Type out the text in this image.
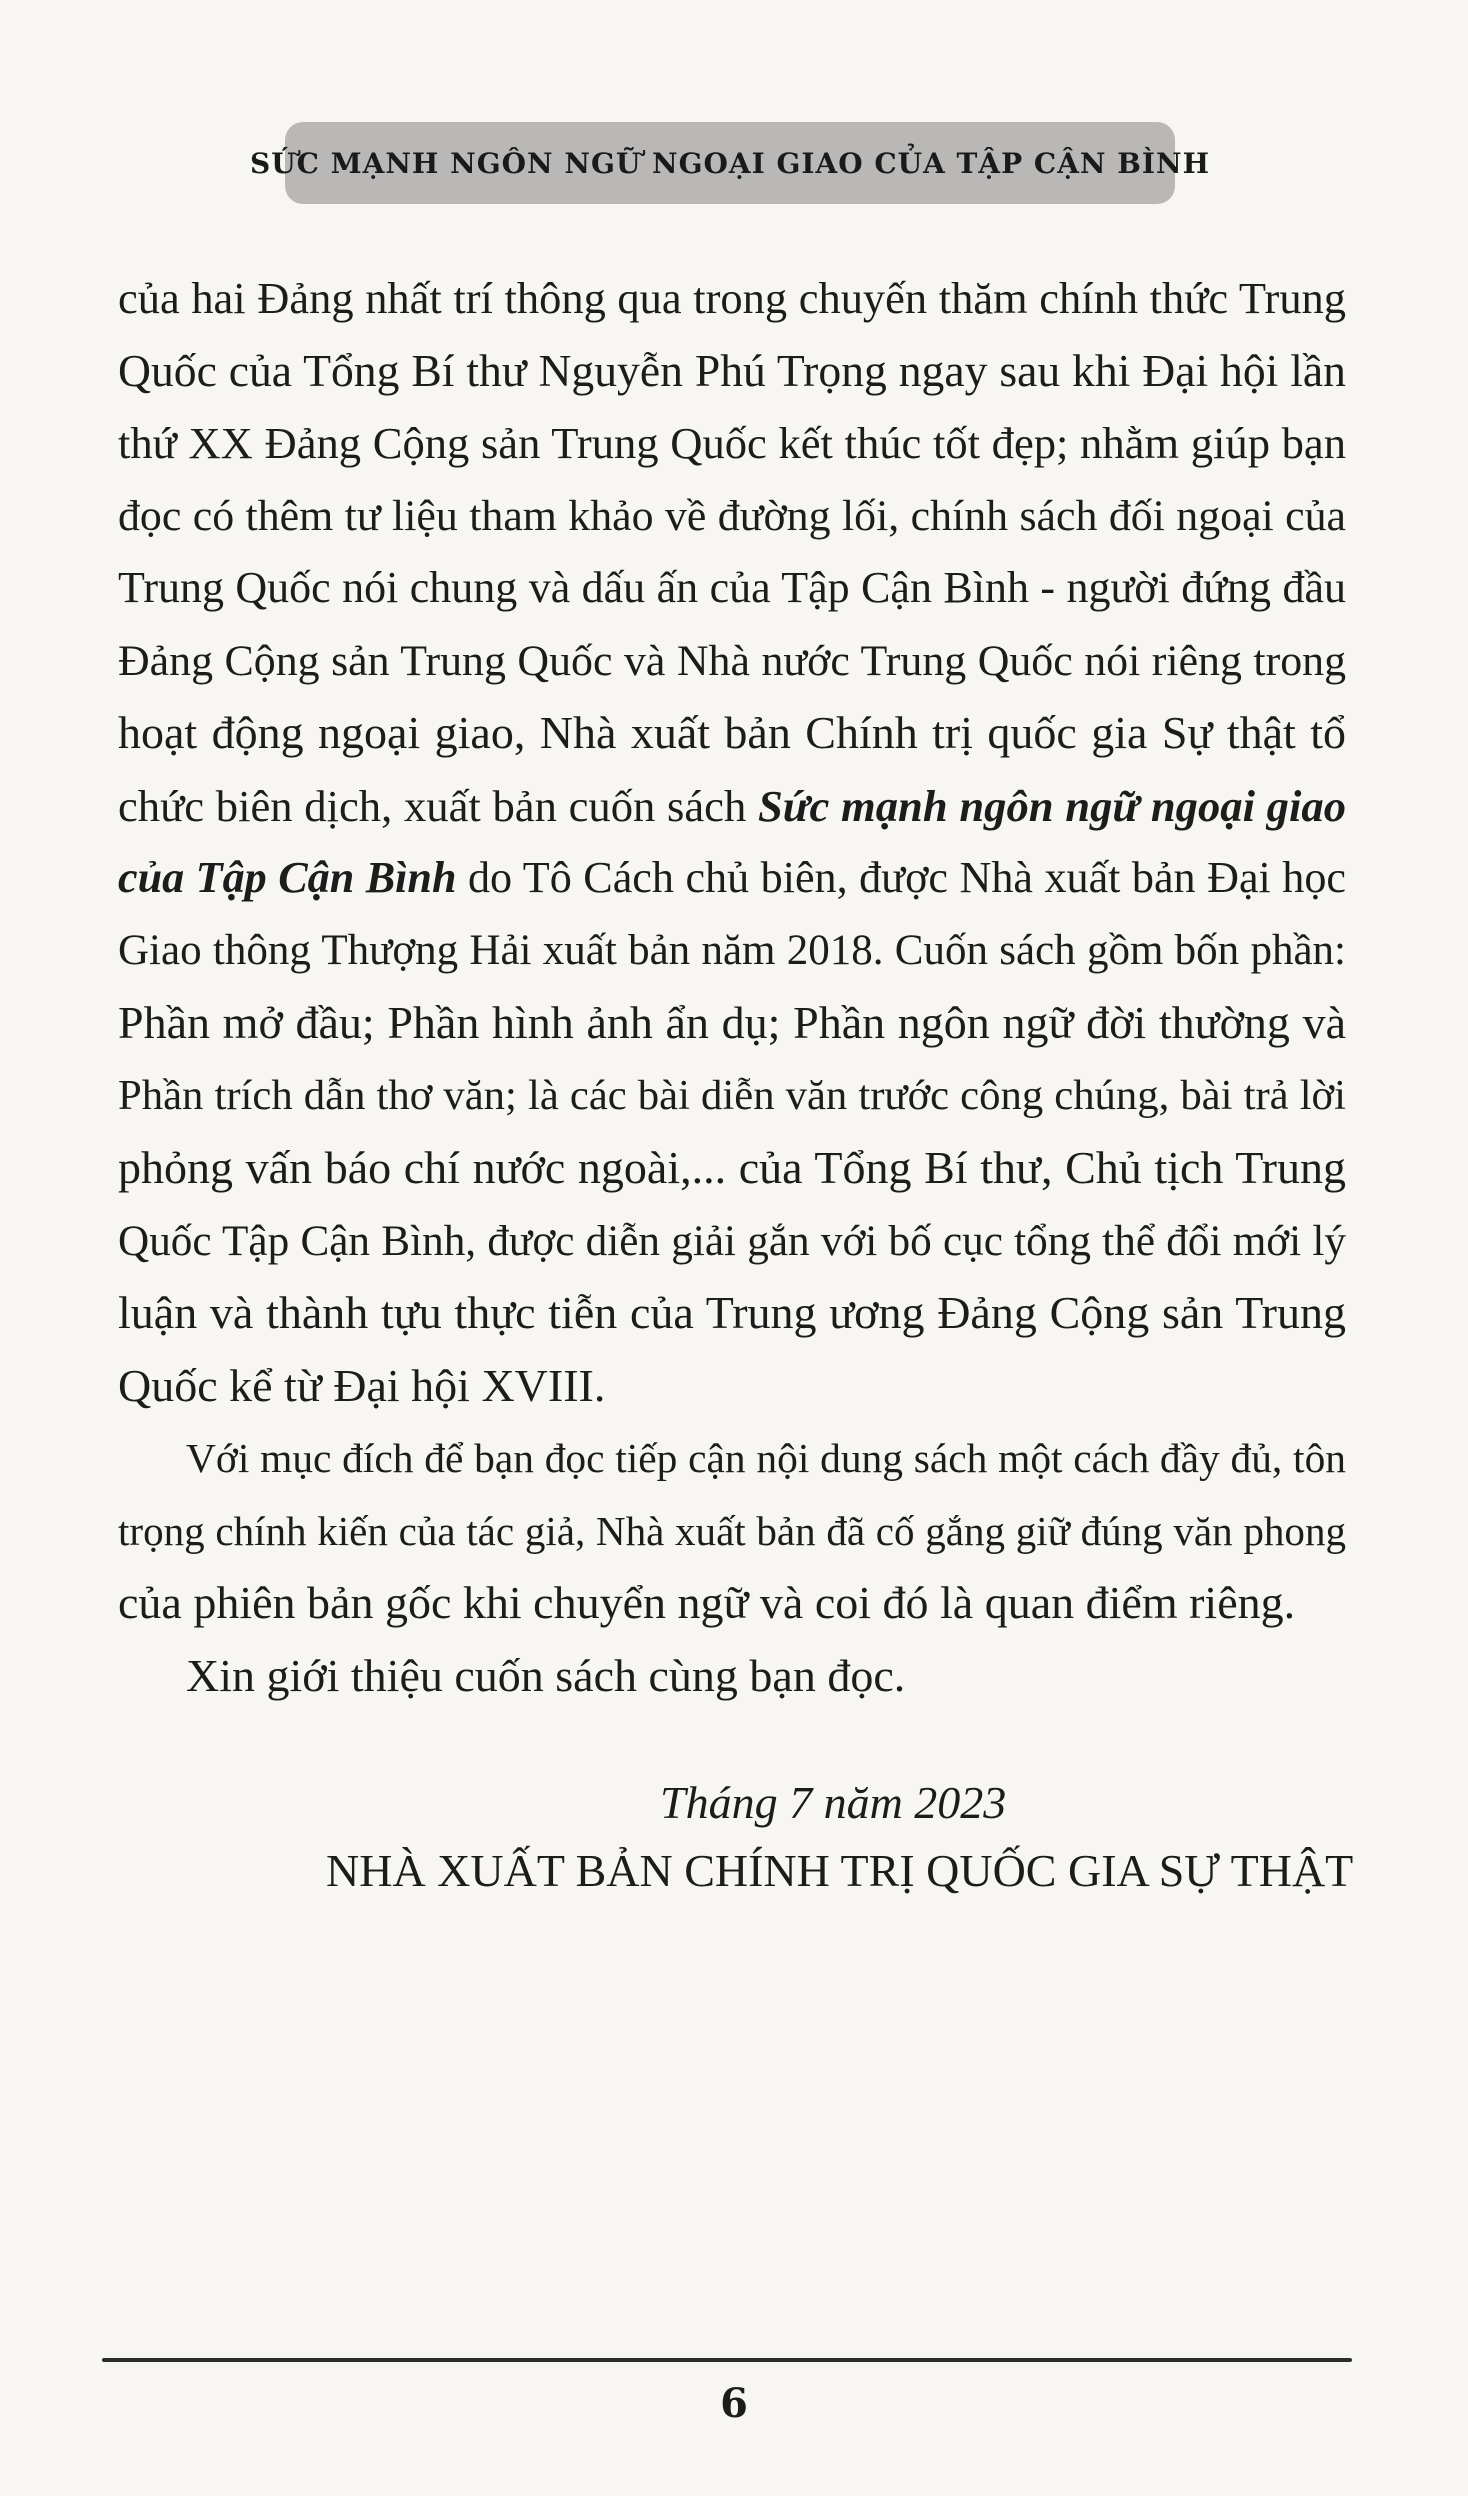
SỨC MẠNH NGÔN NGỮ NGOẠI GIAO CỦA TẬP CẬN BÌNH

của hai Đảng nhất trí thông qua trong chuyến thăm chính thức Trung
Quốc của Tổng Bí thư Nguyễn Phú Trọng ngay sau khi Đại hội lần
thứ XX Đảng Cộng sản Trung Quốc kết thúc tốt đẹp; nhằm giúp bạn
đọc có thêm tư liệu tham khảo về đường lối, chính sách đối ngoại của
Trung Quốc nói chung và dấu ấn của Tập Cận Bình - người đứng đầu
Đảng Cộng sản Trung Quốc và Nhà nước Trung Quốc nói riêng trong
hoạt động ngoại giao, Nhà xuất bản Chính trị quốc gia Sự thật tổ
chức biên dịch, xuất bản cuốn sách Sức mạnh ngôn ngữ ngoại giao
của Tập Cận Bình do Tô Cách chủ biên, được Nhà xuất bản Đại học
Giao thông Thượng Hải xuất bản năm 2018. Cuốn sách gồm bốn phần:
Phần mở đầu; Phần hình ảnh ẩn dụ; Phần ngôn ngữ đời thường và
Phần trích dẫn thơ văn; là các bài diễn văn trước công chúng, bài trả lời
phỏng vấn báo chí nước ngoài,... của Tổng Bí thư, Chủ tịch Trung
Quốc Tập Cận Bình, được diễn giải gắn với bố cục tổng thể đổi mới lý
luận và thành tựu thực tiễn của Trung ương Đảng Cộng sản Trung
Quốc kể từ Đại hội XVIII.

Với mục đích để bạn đọc tiếp cận nội dung sách một cách đầy đủ, tôn
trọng chính kiến của tác giả, Nhà xuất bản đã cố gắng giữ đúng văn phong
của phiên bản gốc khi chuyển ngữ và coi đó là quan điểm riêng.

Xin giới thiệu cuốn sách cùng bạn đọc.

Tháng 7 năm 2023
NHÀ XUẤT BẢN CHÍNH TRỊ QUỐC GIA SỰ THẬT
6
